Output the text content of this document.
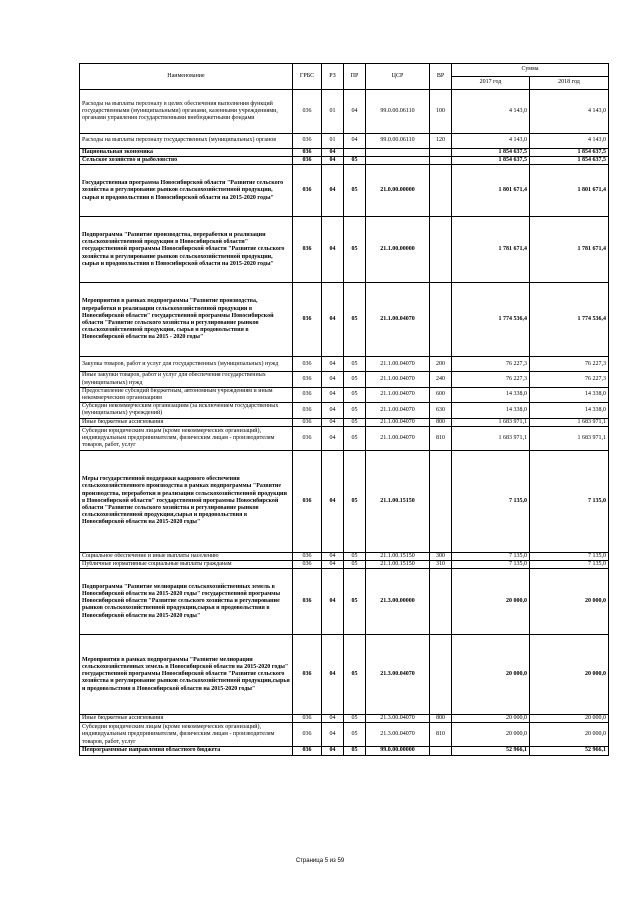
Наименование	ГРБС	РЗ	ПР	ЦСР	ВР	Сумма	
						2017 год	2018 год
Расходы на выплаты персоналу в целях обеспечения выполнения функций государственными (муниципальными) органами, казенными учреждениями, органами управления государственными внебюджетными фондами	036	01	04	99.0.00.06110	100	4 143,0	4 143,0
Расходы на выплаты персоналу государственных (муниципальных) органов	036	01	04	99.0.00.06110	120	4 143,0	4 143,0
Национальная экономика	036	04				1 854 637,5	1 854 637,5
Сельское хозяйство и рыболовство	036	04	05			1 854 637,5	1 854 637,5
Государственная программа Новосибирской области "Развитие сельского хозяйства и регулирование рынков сельскохозяйственной продукции, сырья и продовольствия в Новосибирской области на 2015-2020 годы"	036	04	05	21.0.00.00000		1 801 671,4	1 801 671,4
Подпрограмма "Развитие производства, переработки и реализации сельскохозяйственной продукции в Новосибирской области" государственной программы Новосибирской области "Развитие сельского хозяйства и регулирование рынков сельскохозяйственной продукции, сырья и продовольствия в Новосибирской области на 2015-2020 годы"	036	04	05	21.1.00.00000		1 781 671,4	1 781 671,4
Мероприятия в рамках подпрограммы "Развитие производства, переработки и реализации сельскохозяйственной продукции в Новосибирской области" государственной программы Новосибирской области "Развитие сельского хозяйства и регулирование рынков сельскохозяйственной продукции, сырья и продовольствия в Новосибирской области на 2015 - 2020 годы"	036	04	05	21.1.00.04070		1 774 536,4	1 774 536,4
Закупка товаров, работ и услуг для государственных (муниципальных) нужд	036	04	05	21.1.00.04070	200	76 227,3	76 227,3
Иные закупки товаров, работ и услуг для обеспечения государственных (муниципальных) нужд	036	04	05	21.1.00.04070	240	76 227,3	76 227,3
Предоставление субсидий бюджетным, автономным учреждениям и иным некоммерческим организациям	036	04	05	21.1.00.04070	600	14 338,0	14 338,0
Субсидии некоммерческим организациям (за исключением государственных (муниципальных) учреждений)	036	04	05	21.1.00.04070	630	14 338,0	14 338,0
Иные бюджетные ассигнования	036	04	05	21.1.00.04070	800	1 683 971,1	1 683 971,1
Субсидии юридическим лицам (кроме некоммерческих организаций), индивидуальным предпринимателям, физическим лицам - производителям товаров, работ, услуг	036	04	05	21.1.00.04070	810	1 683 971,1	1 683 971,1
Меры государственной поддержки кадрового обеспечения сельскохозяйственного производства в рамках подпрограммы "Развитие производства, переработки и реализации сельскохозяйственной продукции в Новосибирской области" государственной программы Новосибирской области "Развитие сельского хозяйства и регулирование рынков сельскохозяйственной продукции,сырья и продовольствия в Новосибирской области на 2015-2020 годы"	036	04	05	21.1.00.15150		7 135,0	7 135,0
Социальное обеспечение и иные выплаты населению	036	04	05	21.1.00.15150	300	7 135,0	7 135,0
Публичные нормативные социальные выплаты гражданам	036	04	05	21.1.00.15150	310	7 135,0	7 135,0
Подпрограмма "Развитие мелиорации сельскохозяйственных земель в Новосибирской области на 2015-2020 годы" государственной программы Новосибирской области "Развитие сельского хозяйства и регулирование рынков сельскохозяйственной продукции,сырья и продовольствия в Новосибирской области на 2015-2020 годы"	036	04	05	21.3.00.00000		20 000,0	20 000,0
Мероприятия в рамках подпрограммы "Развитие мелиорации сельскохозяйственных земель в Новосибирской области на 2015-2020 годы" государственной программы Новосибирской области "Развитие сельского хозяйства и регулирование рынков сельскохозяйственной продукции,сырья и продовольствия в Новосибирской области на 2015-2020 годы"	036	04	05	21.3.00.04070		20 000,0	20 000,0
Иные бюджетные ассигнования	036	04	05	21.3.00.04070	800	20 000,0	20 000,0
Субсидии юридическим лицам (кроме некоммерческих организаций), индивидуальным предпринимателям, физическим лицам - производителям товаров, работ, услуг	036	04	05	21.3.00.04070	810	20 000,0	20 000,0
Непрограммные направления областного бюджета	036	04	05	99.0.00.00000		52 966,1	52 966,1
Страница 5 из 59
